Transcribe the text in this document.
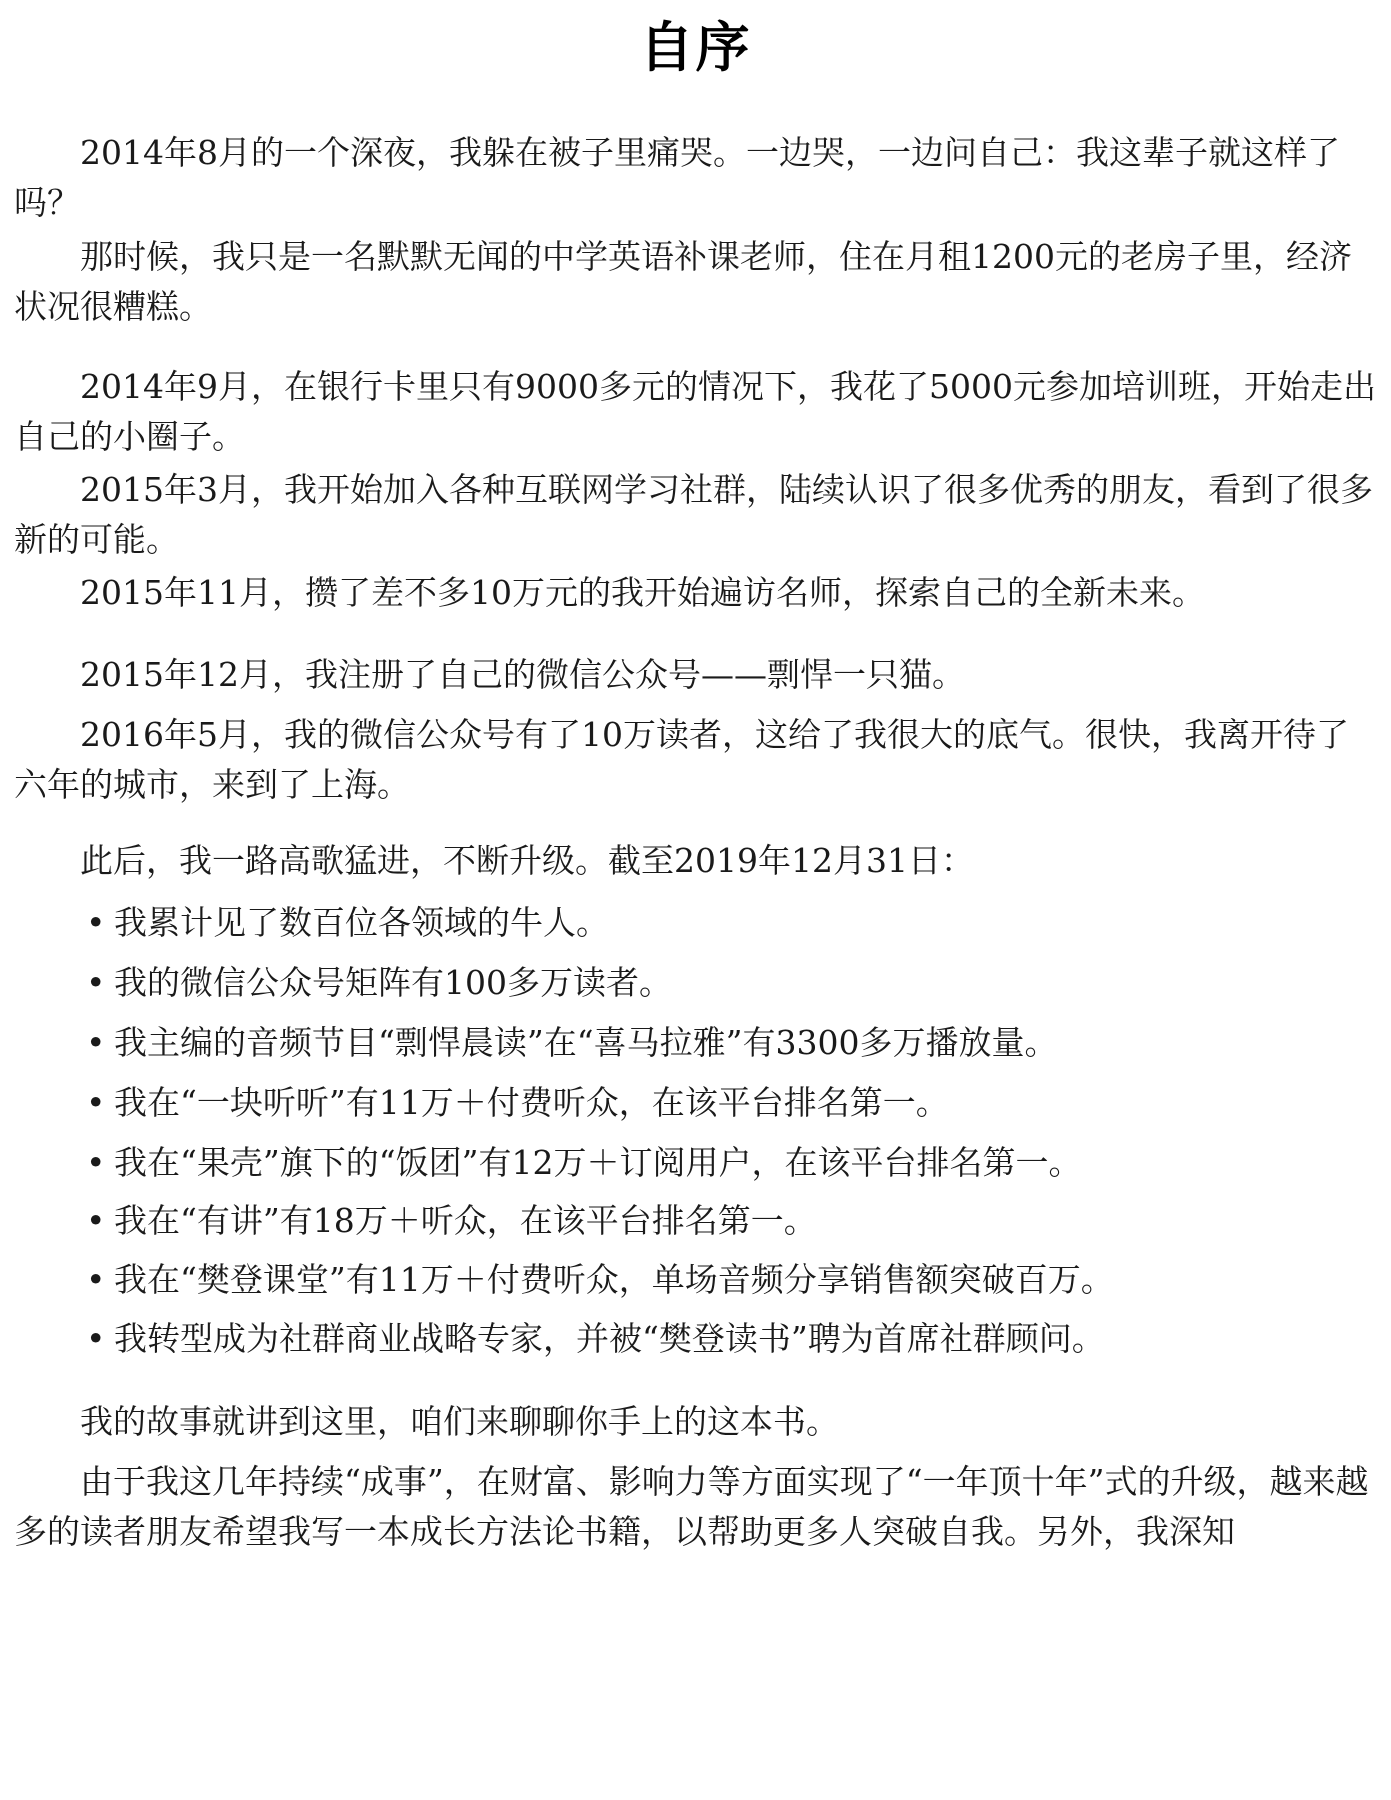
自序

2014年8月的一个深夜，我躲在被子里痛哭。一边哭，一边问自己：我这辈子就这样了吗？

那时候，我只是一名默默无闻的中学英语补课老师，住在月租1200元的老房子里，经济状况很糟糕。

2014年9月，在银行卡里只有9000多元的情况下，我花了5000元参加培训班，开始走出自己的小圈子。

2015年3月，我开始加入各种互联网学习社群，陆续认识了很多优秀的朋友，看到了很多新的可能。

2015年11月，攒了差不多10万元的我开始遍访名师，探索自己的全新未来。

2015年12月，我注册了自己的微信公众号——剽悍一只猫。

2016年5月，我的微信公众号有了10万读者，这给了我很大的底气。很快，我离开待了六年的城市，来到了上海。

此后，我一路高歌猛进，不断升级。截至2019年12月31日：

• 我累计见了数百位各领域的牛人。
• 我的微信公众号矩阵有100多万读者。
• 我主编的音频节目“剽悍晨读”在“喜马拉雅”有3300多万播放量。
• 我在“一块听听”有11万＋付费听众，在该平台排名第一。
• 我在“果壳”旗下的“饭团”有12万＋订阅用户，在该平台排名第一。
• 我在“有讲”有18万＋听众，在该平台排名第一。
• 我在“樊登课堂”有11万＋付费听众，单场音频分享销售额突破百万。
• 我转型成为社群商业战略专家，并被“樊登读书”聘为首席社群顾问。

我的故事就讲到这里，咱们来聊聊你手上的这本书。

由于我这几年持续“成事”，在财富、影响力等方面实现了“一年顶十年”式的升级，越来越多的读者朋友希望我写一本成长方法论书籍，以帮助更多人突破自我。另外，我深知
